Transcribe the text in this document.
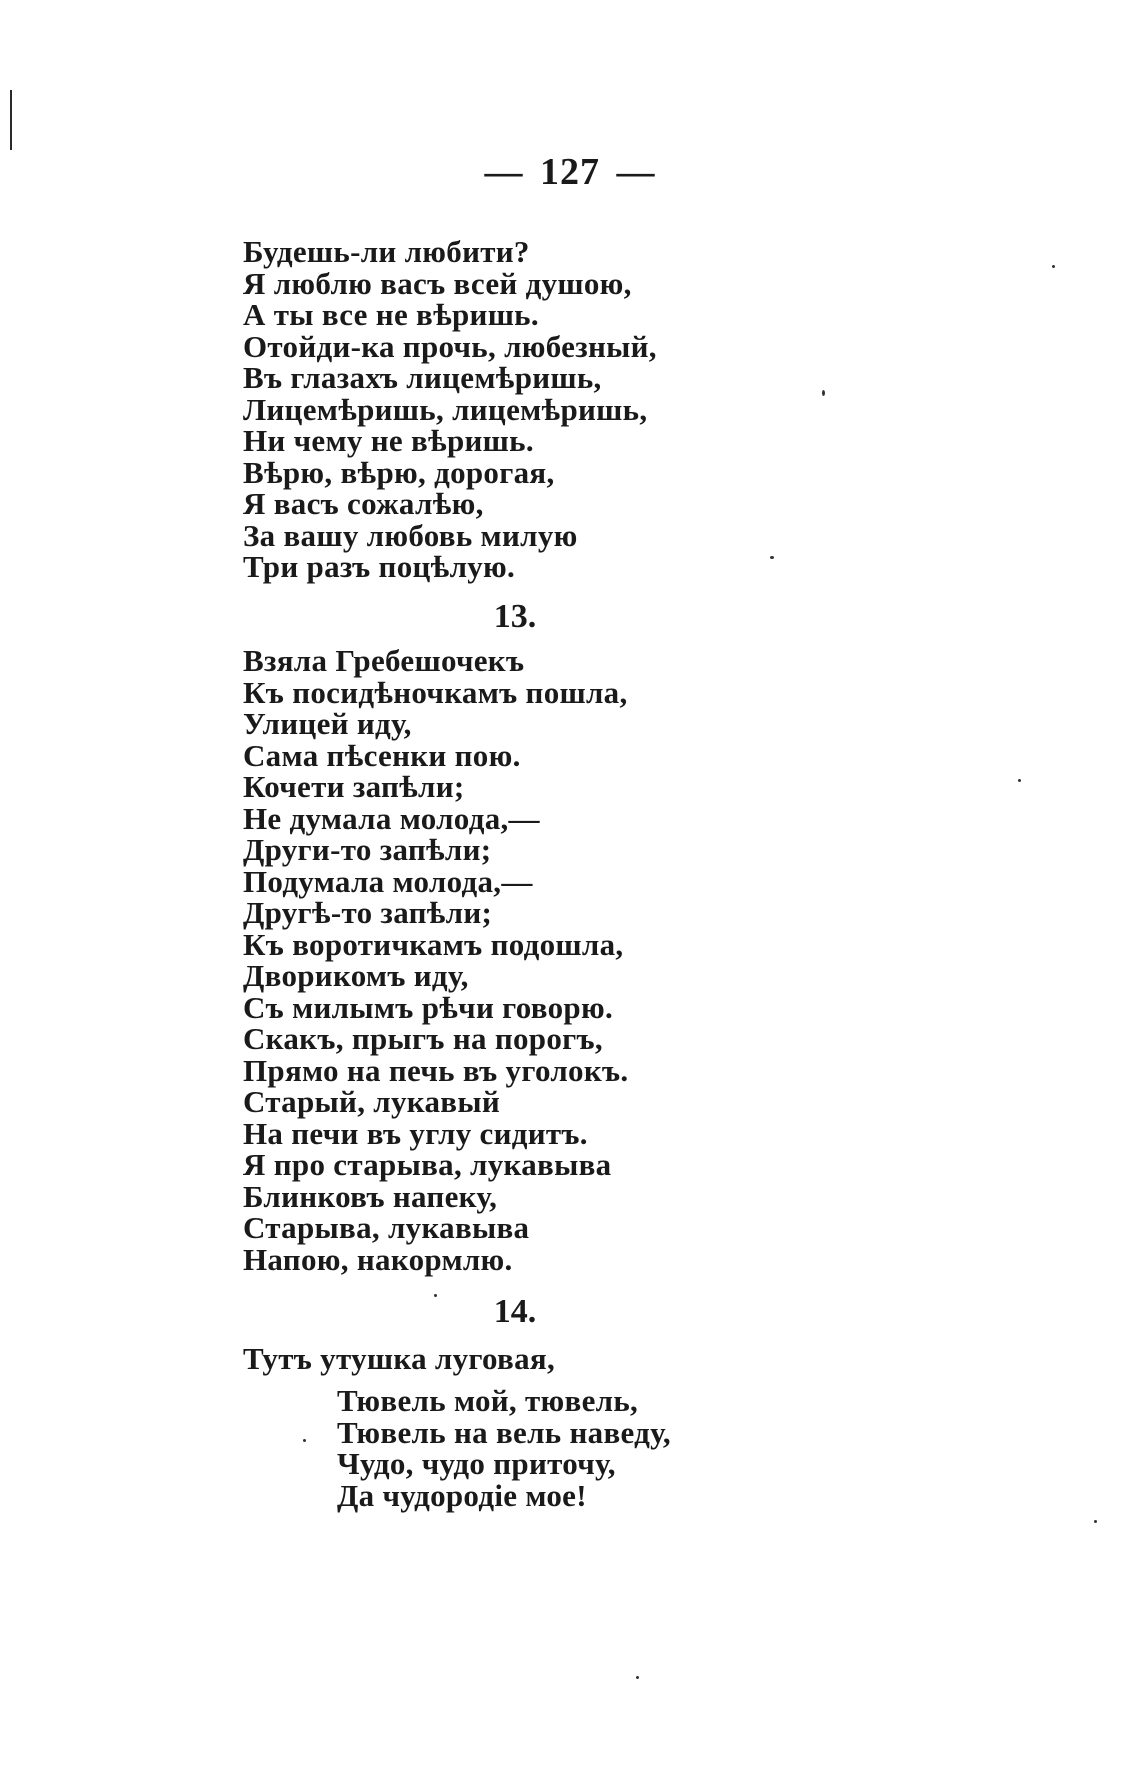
— 127 —
Будешь-ли любити?
Я люблю васъ всей душою,
А ты все не вѣришь.
Отойди-ка прочь, любезный,
Въ глазахъ лицемѣришь,
Лицемѣришь, лицемѣришь,
Ни чему не вѣришь.
Вѣрю, вѣрю, дорогая,
Я васъ сожалѣю,
За вашу любовь милую
Три разъ поцѣлую.
13.
Взяла Гребешочекъ
Къ посидѣночкамъ пошла,
Улицей иду,
Сама пѣсенки пою.
Кочети запѣли;
Не думала молода,—
Други-то запѣли;
Подумала молода,—
Другѣ-то запѣли;
Къ воротичкамъ подошла,
Дворикомъ иду,
Съ милымъ рѣчи говорю.
Скакъ, прыгъ на порогъ,
Прямо на печь въ уголокъ.
Старый, лукавый
На печи въ углу сидитъ.
Я про старыва, лукавыва
Блинковъ напеку,
Старыва, лукавыва
Напою, накормлю.
14.
Тутъ утушка луговая,
Тювель мой, тювель,
Тювель на вель наведу,
Чудо, чудо приточу,
Да чудородіе мое!
